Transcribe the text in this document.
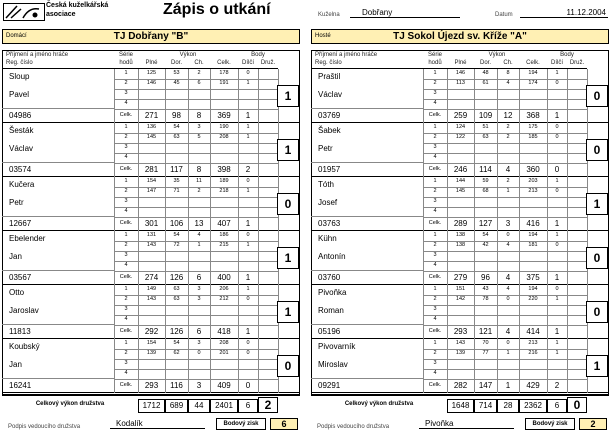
Česká kuželkářská asociace	Zápis o utkání	Kuželna	Dobřany	Datum	11.12.2004
Domácí	TJ Dobřany "B"	Hosté	TJ Sokol Újezd sv. Kříže "A"
Příjmení a jméno hráče
Reg. číslo
Série
hodů
Výkon	Body
Plné	Dor.	Ch.	Celk.	Dílčí	Druž.
Sloup
Pavel
04986
1	125	53	2	178	0
2	146	45	6	191	1
3
4
Celk.	271	98	8	369	1
1
Šesták
Václav
03574
1	136	54	3	190	1
2	145	63	5	208	1
3
4
Celk.	281	117	8	398	2
1
Kučera
Petr
12667
1	154	35	11	189	0
2	147	71	2	218	1
3
4
Celk.	301	106	13	407	1
0
Ebelender
Jan
03567
1	131	54	4	186	0
2	143	72	1	215	1
3
4
Celk.	274	126	6	400	1
1
Otto
Jaroslav
11813
1	149	63	3	206	1
2	143	63	3	212	0
3
4
Celk.	292	126	6	418	1
1
Koubský
Jan
16241
1	154	54	3	208	0
2	139	62	0	201	0
3
4
Celk.	293	116	3	409	0
0
Celkový výkon družstva	1712	689	44	2401	6	2
Příjmení a jméno hráče
Reg. číslo
Série
hodů
Výkon	Body
Plné	Dor.	Ch.	Celk.	Dílčí	Druž.
Praštil
Václav
03769
1	146	48	8	194	1
2	113	61	4	174	0
3
4
Celk.	259	109	12	368	1
0
Šabek
Petr
01957
1	124	51	2	175	0
2	122	63	2	185	0
3
4
Celk.	246	114	4	360	0
0
Tóth
Josef
03763
1	144	59	2	203	1
2	145	68	1	213	0
3
4
Celk.	289	127	3	416	1
1
Kühn
Antonín
03760
1	138	54	0	194	1
2	138	42	4	181	0
3
4
Celk.	279	96	4	375	1
0
Pivoňka
Roman
05196
1	151	43	4	194	0
2	142	78	0	220	1
3
4
Celk.	293	121	4	414	1
0
Pivovarník
Miroslav
09291
1	143	70	0	213	1
2	139	77	1	216	1
3
4
Celk.	282	147	1	429	2
1
Celkový výkon družstva	1648	714	28	2362	6	0
Podpis vedoucího družstva	Kodalík	Bodový zisk	6	Podpis vedoucího družstva	Pivoňka	Bodový zisk	2
